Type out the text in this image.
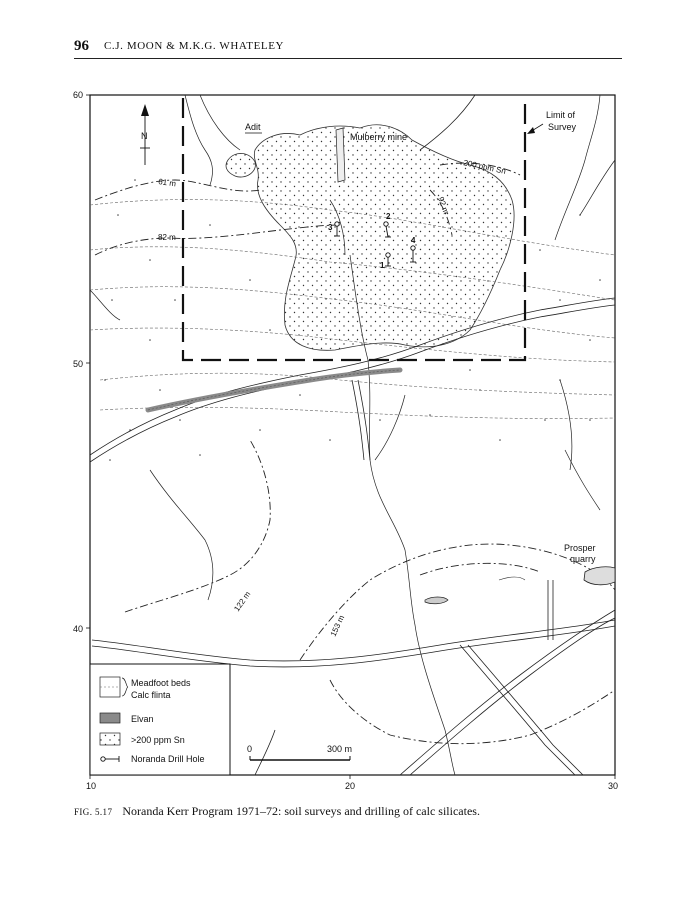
96 C.J. MOON & M.K.G. WHATELEY
60
50
40
10	20	30
N
Adit
Mulberry mine
Limit of
Survey
Prosper
quarry
200 ppm Sn
61 m
82 m
92 m
122 m
153 m
3
2
1
4
Meadfoot beds
Calc flinta
Elvan
>200 ppm Sn
Noranda Drill Hole
0	300 m
FIG. 5.17 Noranda Kerr Program 1971–72: soil surveys and drilling of calc silicates.
